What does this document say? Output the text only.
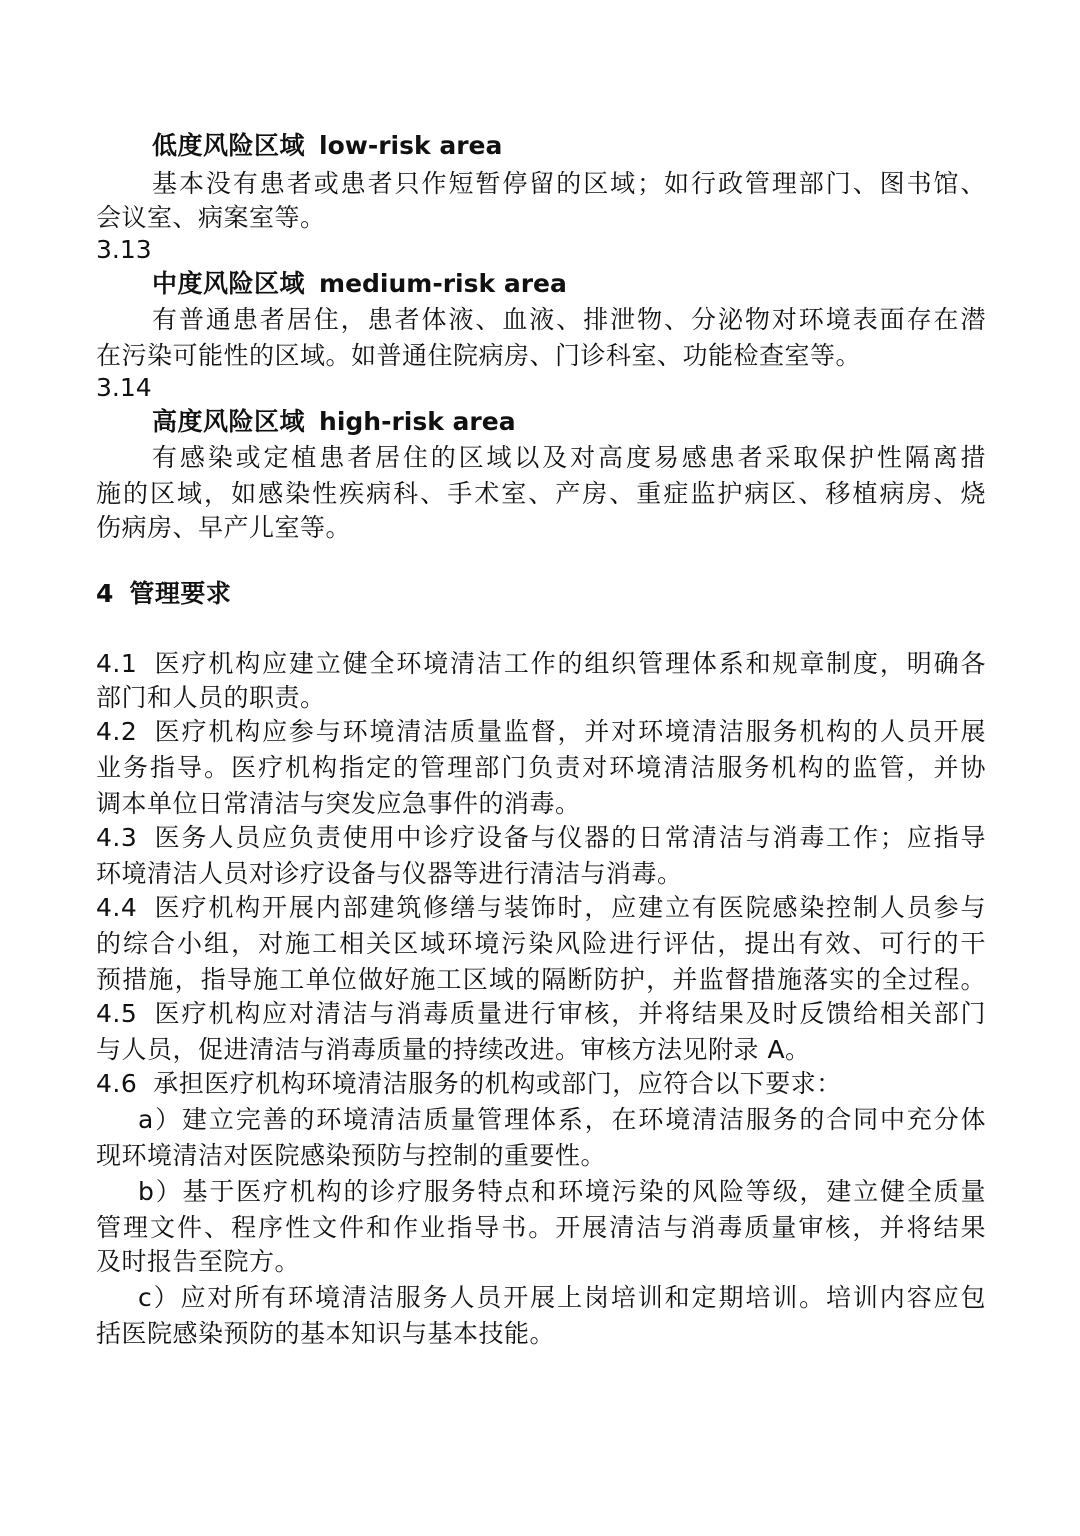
低度风险区域 low-risk area
基本没有患者或患者只作短暂停留的区域；如行政管理部门、图书馆、
会议室、病案室等。
3.13
中度风险区域 medium-risk area
有普通患者居住，患者体液、血液、排泄物、分泌物对环境表面存在潜
在污染可能性的区域。如普通住院病房、门诊科室、功能检查室等。
3.14
高度风险区域 high-risk area
有感染或定植患者居住的区域以及对高度易感患者采取保护性隔离措
施的区域，如感染性疾病科、手术室、产房、重症监护病区、移植病房、烧
伤病房、早产儿室等。
4 管理要求
4.1 医疗机构应建立健全环境清洁工作的组织管理体系和规章制度，明确各
部门和人员的职责。
4.2 医疗机构应参与环境清洁质量监督，并对环境清洁服务机构的人员开展
业务指导。医疗机构指定的管理部门负责对环境清洁服务机构的监管，并协
调本单位日常清洁与突发应急事件的消毒。
4.3 医务人员应负责使用中诊疗设备与仪器的日常清洁与消毒工作；应指导
环境清洁人员对诊疗设备与仪器等进行清洁与消毒。
4.4 医疗机构开展内部建筑修缮与装饰时，应建立有医院感染控制人员参与
的综合小组，对施工相关区域环境污染风险进行评估，提出有效、可行的干
预措施，指导施工单位做好施工区域的隔断防护，并监督措施落实的全过程。
4.5 医疗机构应对清洁与消毒质量进行审核，并将结果及时反馈给相关部门
与人员，促进清洁与消毒质量的持续改进。审核方法见附录 A。
4.6 承担医疗机构环境清洁服务的机构或部门，应符合以下要求：
a）建立完善的环境清洁质量管理体系，在环境清洁服务的合同中充分体
现环境清洁对医院感染预防与控制的重要性。
b）基于医疗机构的诊疗服务特点和环境污染的风险等级，建立健全质量
管理文件、程序性文件和作业指导书。开展清洁与消毒质量审核，并将结果
及时报告至院方。
c）应对所有环境清洁服务人员开展上岗培训和定期培训。培训内容应包
括医院感染预防的基本知识与基本技能。
